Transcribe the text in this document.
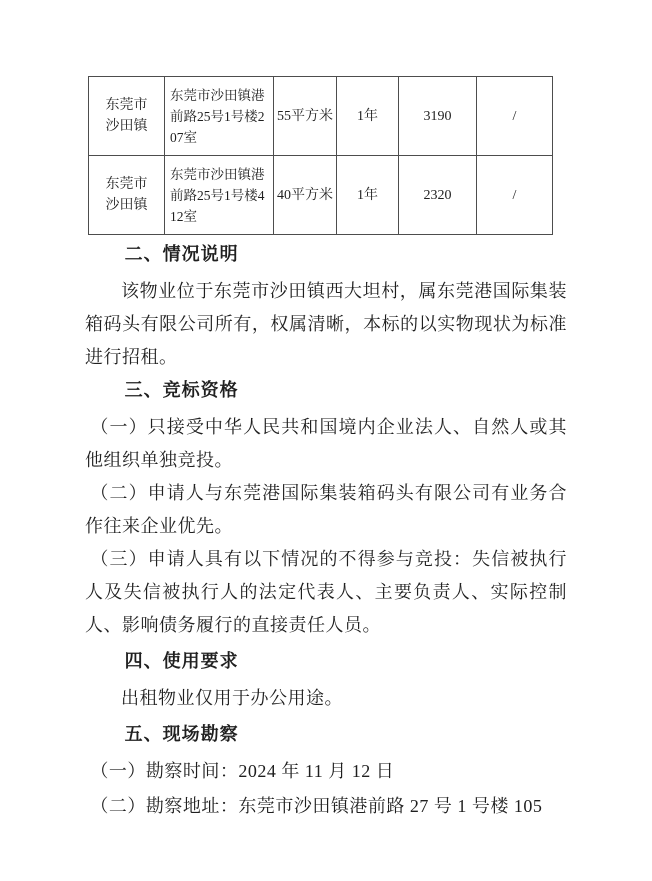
东莞市沙田镇	东莞市沙田镇港前路25号1号楼207室	55平方米	1年	3190	/
东莞市沙田镇	东莞市沙田镇港前路25号1号楼412室	40平方米	1年	2320	/
二、情况说明

该物业位于东莞市沙田镇西大坦村，属东莞港国际集装箱码头有限公司所有，权属清晰，本标的以实物现状为标准进行招租。

三、竞标资格

（一）只接受中华人民共和国境内企业法人、自然人或其他组织单独竞投。

（二）申请人与东莞港国际集装箱码头有限公司有业务合作往来企业优先。

（三）申请人具有以下情况的不得参与竞投：失信被执行人及失信被执行人的法定代表人、主要负责人、实际控制人、影响债务履行的直接责任人员。

四、使用要求

出租物业仅用于办公用途。

五、现场勘察

（一）勘察时间：2024 年 11 月 12 日

（二）勘察地址：东莞市沙田镇港前路 27 号 1 号楼 105
